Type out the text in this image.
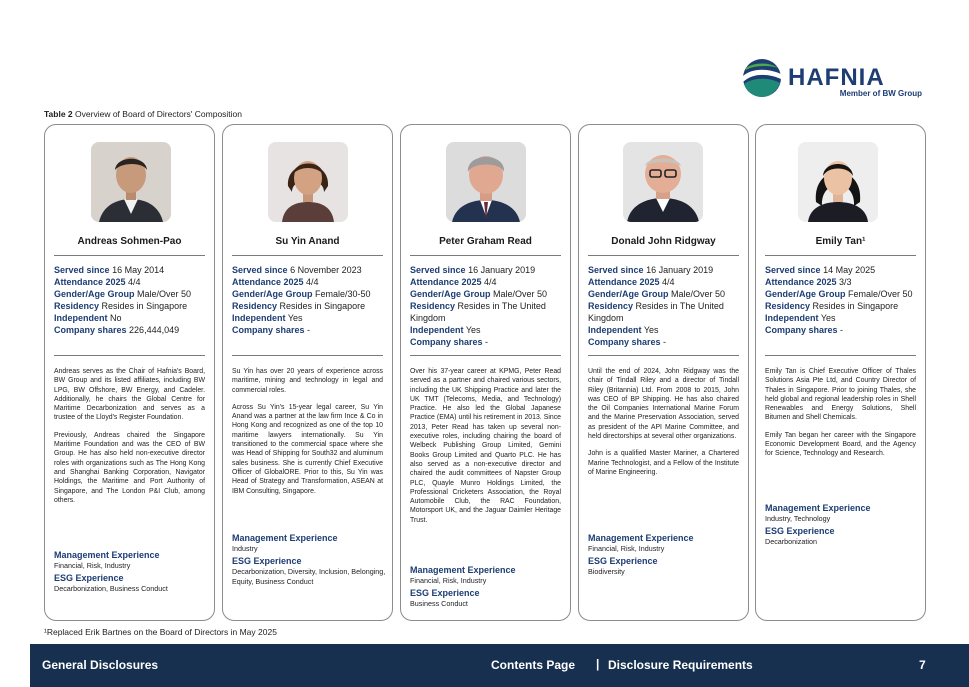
HAFNIA
Member of BW Group
Table 2 Overview of Board of Directors' Composition
Andreas Sohmen-Pao
Served since 16 May 2014
Attendance 2025 4/4
Gender/Age Group Male/Over 50
Residency Resides in Singapore
Independent No
Company shares 226,444,049

Andreas serves as the Chair of Hafnia's Board, BW Group and its listed affiliates, including BW LPG, BW Offshore, BW Energy, and Cadeler. Additionally, he chairs the Global Centre for Maritime Decarbonization and serves as a trustee of the Lloyd's Register Foundation.

Previously, Andreas chaired the Singapore Maritime Foundation and was the CEO of BW Group. He has also held non-executive director roles with organizations such as The Hong Kong and Shanghai Banking Corporation, Navigator Holdings, the Maritime and Port Authority of Singapore, and The London P&I Club, among others.

Management Experience
Financial, Risk, Industry
ESG Experience
Decarbonization, Business Conduct
Su Yin Anand
Served since 6 November 2023
Attendance 2025 4/4
Gender/Age Group Female/30-50
Residency Resides in Singapore
Independent Yes
Company shares -

Su Yin has over 20 years of experience across maritime, mining and technology in legal and commercial roles.

Across Su Yin's 15-year legal career, Su Yin Anand was a partner at the law firm Ince & Co in Hong Kong and recognized as one of the top 10 maritime lawyers internationally. Su Yin transitioned to the commercial space where she was Head of Shipping for South32 and aluminum sales business. She is currently Chief Executive Officer of GlobalORE. Prior to this, Su Yin was Head of Strategy and Transformation, ASEAN at IBM Consulting, Singapore.

Management Experience
Industry
ESG Experience
Decarbonization, Diversity, Inclusion, Belonging, Equity, Business Conduct
Peter Graham Read
Served since 16 January 2019
Attendance 2025 4/4
Gender/Age Group Male/Over 50
Residency Resides in The United Kingdom
Independent Yes
Company shares -

Over his 37-year career at KPMG, Peter Read served as a partner and chaired various sectors, including the UK Shipping Practice and later the UK TMT (Telecoms, Media, and Technology) Practice. He also led the Global Japanese Practice (EMA) until his retirement in 2013. Since 2013, Peter Read has taken up several non-executive roles, including chairing the board of Welbeck Publishing Group Limited, Gemini Books Group Limited and Quarto PLC. He has also served as a non-executive director and chaired the audit committees of Napster Group PLC, Quayle Munro Holdings Limited, the Professional Cricketers Association, the Royal Automobile Club, the RAC Foundation, Motorsport UK, and the Jaguar Daimler Heritage Trust.

Management Experience
Financial, Risk, Industry
ESG Experience
Business Conduct
Donald John Ridgway
Served since 16 January 2019
Attendance 2025 4/4
Gender/Age Group Male/Over 50
Residency Resides in The United Kingdom
Independent Yes
Company shares -

Until the end of 2024, John Ridgway was the chair of Tindall Riley and a director of Tindall Riley (Britannia) Ltd. From 2008 to 2015, John was CEO of BP Shipping. He has also chaired the Oil Companies International Marine Forum and the Marine Preservation Association, served as president of the API Marine Committee, and held directorships at several other organizations.

John is a qualified Master Mariner, a Chartered Marine Technologist, and a Fellow of the Institute of Marine Engineering.

Management Experience
Financial, Risk, Industry
ESG Experience
Biodiversity
Emily Tan¹
Served since 14 May 2025
Attendance 2025 3/3
Gender/Age Group Female/Over 50
Residency Resides in Singapore
Independent Yes
Company shares -

Emily Tan is Chief Executive Officer of Thales Solutions Asia Pte Ltd, and Country Director of Thales in Singapore. Prior to joining Thales, she held global and regional leadership roles in Shell Renewables and Energy Solutions, Shell Bitumen and Shell Chemicals.

Emily Tan began her career with the Singapore Economic Development Board, and the Agency for Science, Technology and Research.

Management Experience
Industry, Technology
ESG Experience
Decarbonization
¹Replaced Erik Bartnes on the Board of Directors in May 2025
General Disclosures	Contents Page | Disclosure Requirements	7
